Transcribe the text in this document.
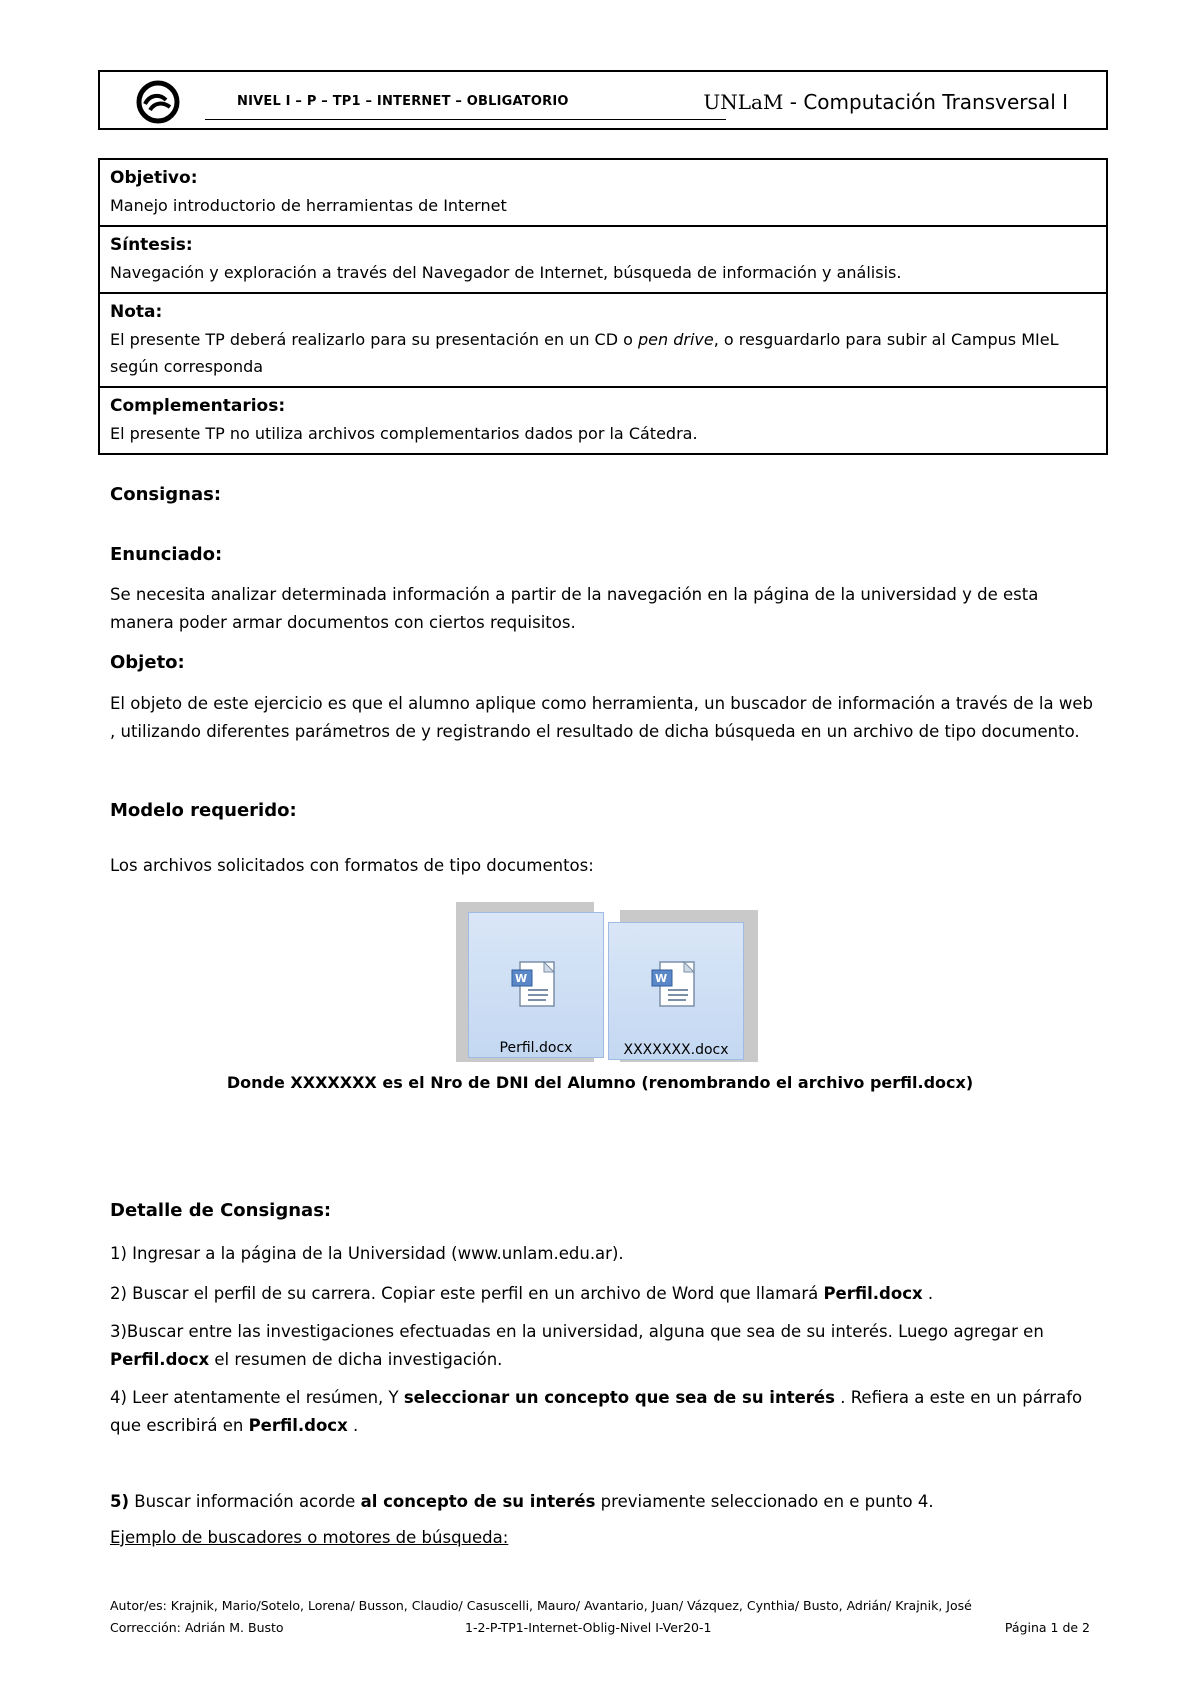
NIVEL I – P – TP1 – INTERNET – OBLIGATORIO	UNLaM - Computación Transversal I
Objetivo:
Manejo introductorio de herramientas de Internet
Síntesis:
Navegación y exploración a través del Navegador de Internet, búsqueda de información y análisis.
Nota:
El presente TP deberá realizarlo para su presentación en un CD o pen drive, o resguardarlo para subir al Campus MIeL según corresponda
Complementarios:
El presente TP no utiliza archivos complementarios dados por la Cátedra.
Consignas:
Enunciado:
Se necesita analizar determinada información a partir de la navegación en la página de la universidad y de esta manera poder armar documentos con ciertos requisitos.
Objeto:
El objeto de este ejercicio es que el alumno aplique como herramienta, un buscador de información a través de la web , utilizando diferentes parámetros de y registrando el resultado de dicha búsqueda en un archivo de tipo documento.
Modelo requerido:
Los archivos solicitados con formatos de tipo documentos:
W
Perfil.docx
W
XXXXXXX.docx
Donde XXXXXXX es el Nro de DNI del Alumno (renombrando el archivo perfil.docx)
Detalle de Consignas:
1) Ingresar a la página de la Universidad (www.unlam.edu.ar).
2) Buscar el perfil de su carrera. Copiar este perfil en un archivo de Word que llamará Perfil.docx .
3)Buscar entre las investigaciones efectuadas en la universidad, alguna que sea de su interés. Luego agregar en Perfil.docx el resumen de dicha investigación.
4) Leer atentamente el resúmen, Y seleccionar un concepto que sea de su interés . Refiera a este en un párrafo que escribirá en Perfil.docx .
5) Buscar información acorde al concepto de su interés previamente seleccionado en e punto 4.
Ejemplo de buscadores o motores de búsqueda:
Autor/es: Krajnik, Mario/Sotelo, Lorena/ Busson, Claudio/ Casuscelli, Mauro/ Avantario, Juan/ Vázquez, Cynthia/ Busto, Adrián/ Krajnik, José
Corrección: Adrián M. Busto	1-2-P-TP1-Internet-Oblig-Nivel I-Ver20-1	Página 1 de 2
